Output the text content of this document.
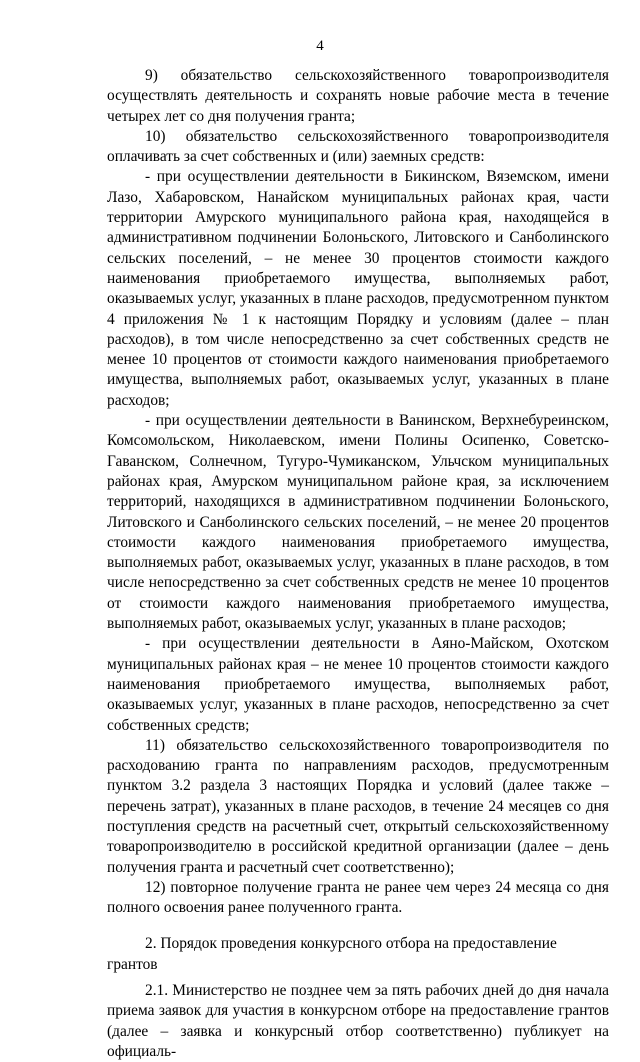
4

9) обязательство сельскохозяйственного товаропроизводителя осуществлять деятельность и сохранять новые рабочие места в течение четырех лет со дня получения гранта;

10) обязательство сельскохозяйственного товаропроизводителя оплачивать за счет собственных и (или) заемных средств:

- при осуществлении деятельности в Бикинском, Вяземском, имени Лазо, Хабаровском, Нанайском муниципальных районах края, части территории Амурского муниципального района края, находящейся в административном подчинении Болоньского, Литовского и Санболинского сельских поселений, – не менее 30 процентов стоимости каждого наименования приобретаемого имущества, выполняемых работ, оказываемых услуг, указанных в плане расходов, предусмотренном пунктом 4 приложения № 1 к настоящим Порядку и условиям (далее – план расходов), в том числе непосредственно за счет собственных средств не менее 10 процентов от стоимости каждого наименования приобретаемого имущества, выполняемых работ, оказываемых услуг, указанных в плане расходов;

- при осуществлении деятельности в Ванинском, Верхнебуреинском, Комсомольском, Николаевском, имени Полины Осипенко, Советско-Гаванском, Солнечном, Тугуро-Чумиканском, Ульчском муниципальных районах края, Амурском муниципальном районе края, за исключением территорий, находящихся в административном подчинении Болоньского, Литовского и Санболинского сельских поселений, – не менее 20 процентов стоимости каждого наименования приобретаемого имущества, выполняемых работ, оказываемых услуг, указанных в плане расходов, в том числе непосредственно за счет собственных средств не менее 10 процентов от стоимости каждого наименования приобретаемого имущества, выполняемых работ, оказываемых услуг, указанных в плане расходов;

- при осуществлении деятельности в Аяно-Майском, Охотском муниципальных районах края – не менее 10 процентов стоимости каждого наименования приобретаемого имущества, выполняемых работ, оказываемых услуг, указанных в плане расходов, непосредственно за счет собственных средств;

11) обязательство сельскохозяйственного товаропроизводителя по расходованию гранта по направлениям расходов, предусмотренным пунктом 3.2 раздела 3 настоящих Порядка и условий (далее также – перечень затрат), указанных в плане расходов, в течение 24 месяцев со дня поступления средств на расчетный счет, открытый сельскохозяйственному товаропроизводителю в российской кредитной организации (далее – день получения гранта и расчетный счет соответственно);

12) повторное получение гранта не ранее чем через 24 месяца со дня полного освоения ранее полученного гранта.

2. Порядок проведения конкурсного отбора на предоставление грантов

2.1. Министерство не позднее чем за пять рабочих дней до дня начала приема заявок для участия в конкурсном отборе на предоставление грантов (далее – заявка и конкурсный отбор соответственно) публикует на официаль-
